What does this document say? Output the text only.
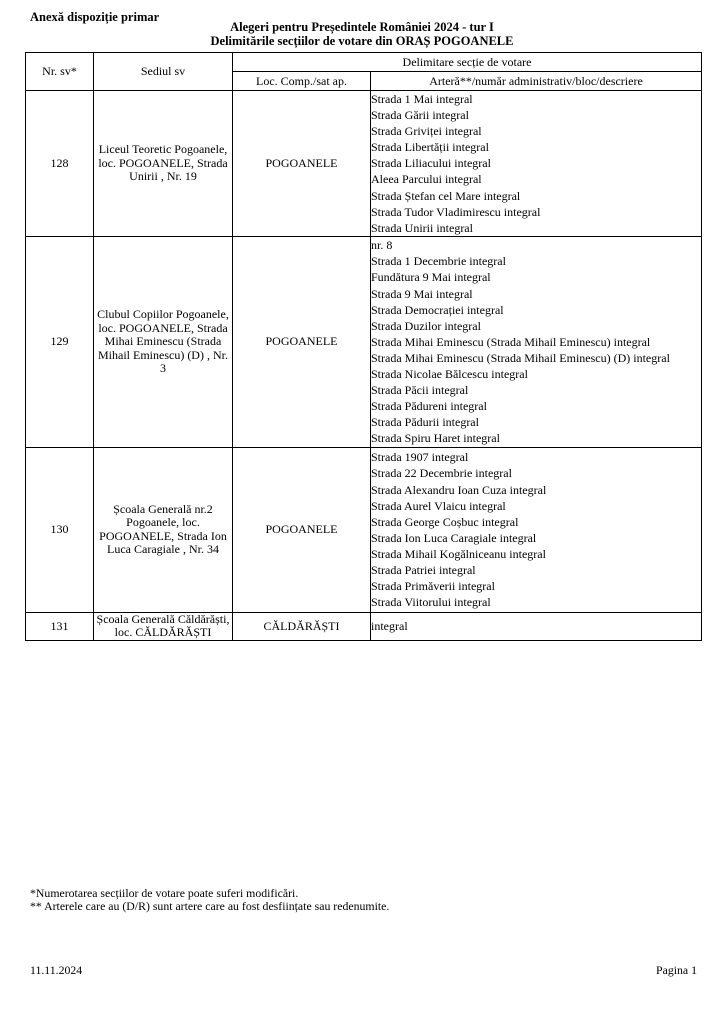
Anexă dispoziție primar
Alegeri pentru Președintele României 2024 - tur I
Delimitările secțiilor de votare din ORAȘ POGOANELE
Nr. sv*	Sediul sv	Delimitare secție de votare	
		Loc. Comp./sat ap.	Arteră**/număr administrativ/bloc/descriere
128	Liceul Teoretic Pogoanele, loc. POGOANELE, Strada Unirii , Nr. 19	POGOANELE	
Strada 1 Mai integral
Strada Gării integral
Strada Griviței integral
Strada Libertății integral
Strada Liliacului integral
Aleea Parcului integral
Strada Ștefan cel Mare integral
Strada Tudor Vladimirescu integral
Strada Unirii integral

129	Clubul Copiilor Pogoanele, loc. POGOANELE, Strada Mihai Eminescu (Strada Mihail Eminescu) (D) , Nr. 3	POGOANELE	
nr. 8
Strada 1 Decembrie integral
Fundătura 9 Mai integral
Strada 9 Mai integral
Strada Democrației integral
Strada Duzilor integral
Strada Mihai Eminescu (Strada Mihail Eminescu) integral
Strada Mihai Eminescu (Strada Mihail Eminescu) (D) integral
Strada Nicolae Bălcescu integral
Strada Păcii integral
Strada Pădureni integral
Strada Pădurii integral
Strada Spiru Haret integral

130	Școala Generală nr.2 Pogoanele, loc. POGOANELE, Strada Ion Luca Caragiale , Nr. 34	POGOANELE	
Strada 1907 integral
Strada 22 Decembrie integral
Strada Alexandru Ioan Cuza integral
Strada Aurel Vlaicu integral
Strada George Coșbuc integral
Strada Ion Luca Caragiale integral
Strada Mihail Kogălniceanu integral
Strada Patriei integral
Strada Primăverii integral
Strada Viitorului integral

131	Școala Generală Căldărăști, loc. CĂLDĂRĂȘTI	CĂLDĂRĂȘTI	integral
*Numerotarea secțiilor de votare poate suferi modificări.
** Arterele care au (D/R) sunt artere care au fost desființate sau redenumite.
11.11.2024	Pagina 1
